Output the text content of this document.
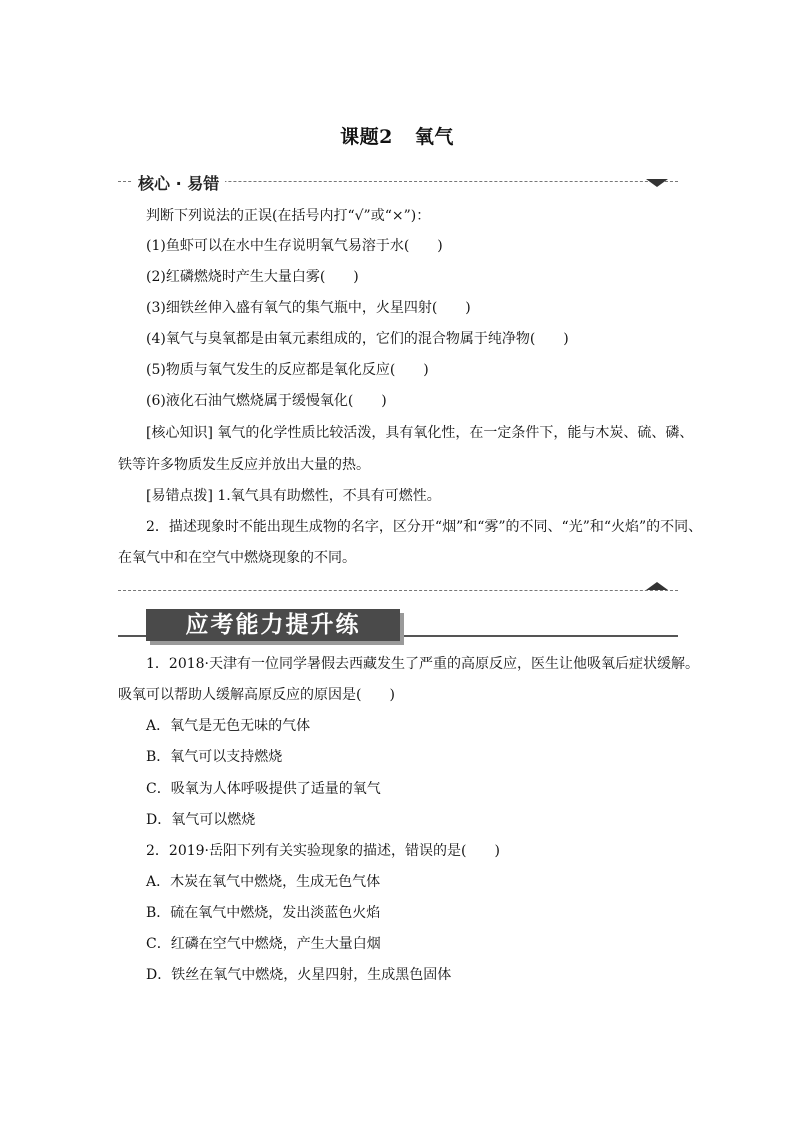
课题2 氧气
核心 · 易错
判断下列说法的正误(在括号内打“√”或“×”)：
(1)鱼虾可以在水中生存说明氧气易溶于水(　　)
(2)红磷燃烧时产生大量白雾(　　)
(3)细铁丝伸入盛有氧气的集气瓶中，火星四射(　　)
(4)氧气与臭氧都是由氧元素组成的，它们的混合物属于纯净物(　　)
(5)物质与氧气发生的反应都是氧化反应(　　)
(6)液化石油气燃烧属于缓慢氧化(　　)
[核心知识] 氧气的化学性质比较活泼，具有氧化性，在一定条件下，能与木炭、硫、磷、
铁等许多物质发生反应并放出大量的热。
[易错点拨] 1.氧气具有助燃性，不具有可燃性。
2．描述现象时不能出现生成物的名字，区分开“烟”和“雾”的不同、“光”和“火焰”的不同、
在氧气中和在空气中燃烧现象的不同。
应考能力提升练
1．2018·天津有一位同学暑假去西藏发生了严重的高原反应，医生让他吸氧后症状缓解。
吸氧可以帮助人缓解高原反应的原因是(　　)
A．氧气是无色无味的气体
B．氧气可以支持燃烧
C．吸氧为人体呼吸提供了适量的氧气
D．氧气可以燃烧
2．2019·岳阳下列有关实验现象的描述，错误的是(　　)
A．木炭在氧气中燃烧，生成无色气体
B．硫在氧气中燃烧，发出淡蓝色火焰
C．红磷在空气中燃烧，产生大量白烟
D．铁丝在氧气中燃烧，火星四射，生成黑色固体
